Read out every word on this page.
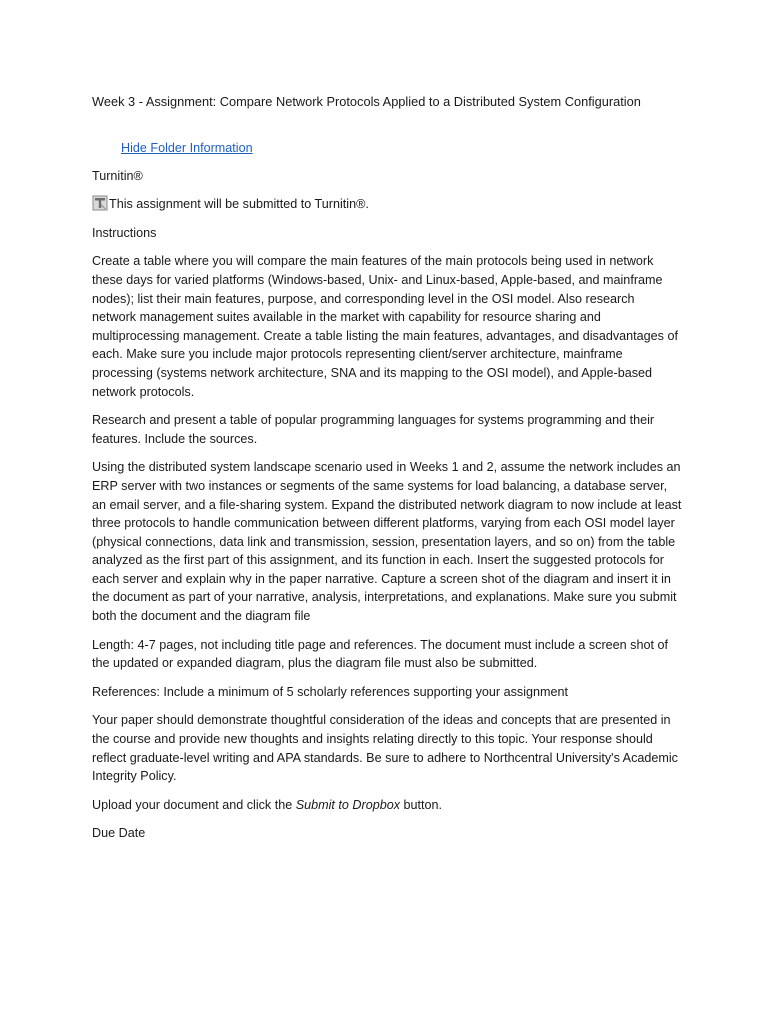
Week 3 - Assignment: Compare Network Protocols Applied to a Distributed System Configuration
Hide Folder Information

Turnitin®

This assignment will be submitted to Turnitin®.

Instructions

Create a table where you will compare the main features of the main protocols being used in network these days for varied platforms (Windows-based, Unix- and Linux-based, Apple-based, and mainframe nodes); list their main features, purpose, and corresponding level in the OSI model. Also research network management suites available in the market with capability for resource sharing and multiprocessing management. Create a table listing the main features, advantages, and disadvantages of each. Make sure you include major protocols representing client/server architecture, mainframe processing (systems network architecture, SNA and its mapping to the OSI model), and Apple-based network protocols.

Research and present a table of popular programming languages for systems programming and their features. Include the sources.

Using the distributed system landscape scenario used in Weeks 1 and 2, assume the network includes an ERP server with two instances or segments of the same systems for load balancing, a database server, an email server, and a file-sharing system. Expand the distributed network diagram to now include at least three protocols to handle communication between different platforms, varying from each OSI model layer (physical connections, data link and transmission, session, presentation layers, and so on) from the table analyzed as the first part of this assignment, and its function in each. Insert the suggested protocols for each server and explain why in the paper narrative. Capture a screen shot of the diagram and insert it in the document as part of your narrative, analysis, interpretations, and explanations. Make sure you submit both the document and the diagram file

Length: 4-7 pages, not including title page and references. The document must include a screen shot of the updated or expanded diagram, plus the diagram file must also be submitted.

References: Include a minimum of 5 scholarly references supporting your assignment

Your paper should demonstrate thoughtful consideration of the ideas and concepts that are presented in the course and provide new thoughts and insights relating directly to this topic. Your response should reflect graduate-level writing and APA standards. Be sure to adhere to Northcentral University's Academic Integrity Policy.

Upload your document and click the Submit to Dropbox button.

Due Date
